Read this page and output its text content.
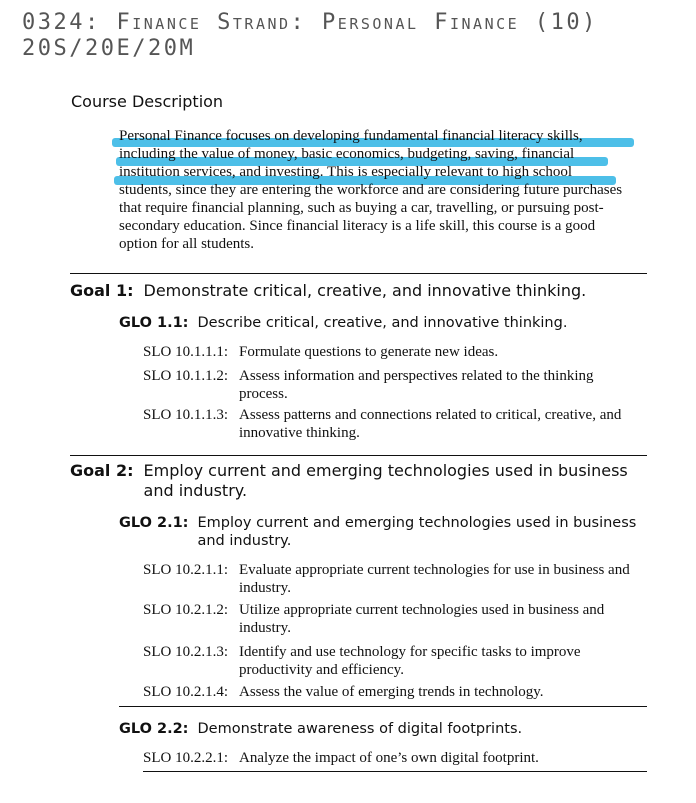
0324: Finance Strand: Personal Finance (10)
20S/20E/20M
Course Description
Personal Finance focuses on developing fundamental financial literacy skills, including the value of money, basic economics, budgeting, saving, financial institution services, and investing. This is especially relevant to high school students, since they are entering the workforce and are considering future purchases that require financial planning, such as buying a car, travelling, or pursuing post-secondary education. Since financial literacy is a life skill, this course is a good option for all students.
Goal 1: Demonstrate critical, creative, and innovative thinking.
GLO 1.1: Describe critical, creative, and innovative thinking.
SLO 10.1.1.1: Formulate questions to generate new ideas.
SLO 10.1.1.2: Assess information and perspectives related to the thinking process.
SLO 10.1.1.3: Assess patterns and connections related to critical, creative, and innovative thinking.
Goal 2: Employ current and emerging technologies used in business and industry.
GLO 2.1: Employ current and emerging technologies used in business and industry.
SLO 10.2.1.1: Evaluate appropriate current technologies for use in business and industry.
SLO 10.2.1.2: Utilize appropriate current technologies used in business and industry.
SLO 10.2.1.3: Identify and use technology for specific tasks to improve productivity and efficiency.
SLO 10.2.1.4: Assess the value of emerging trends in technology.
GLO 2.2: Demonstrate awareness of digital footprints.
SLO 10.2.2.1: Analyze the impact of one’s own digital footprint.
